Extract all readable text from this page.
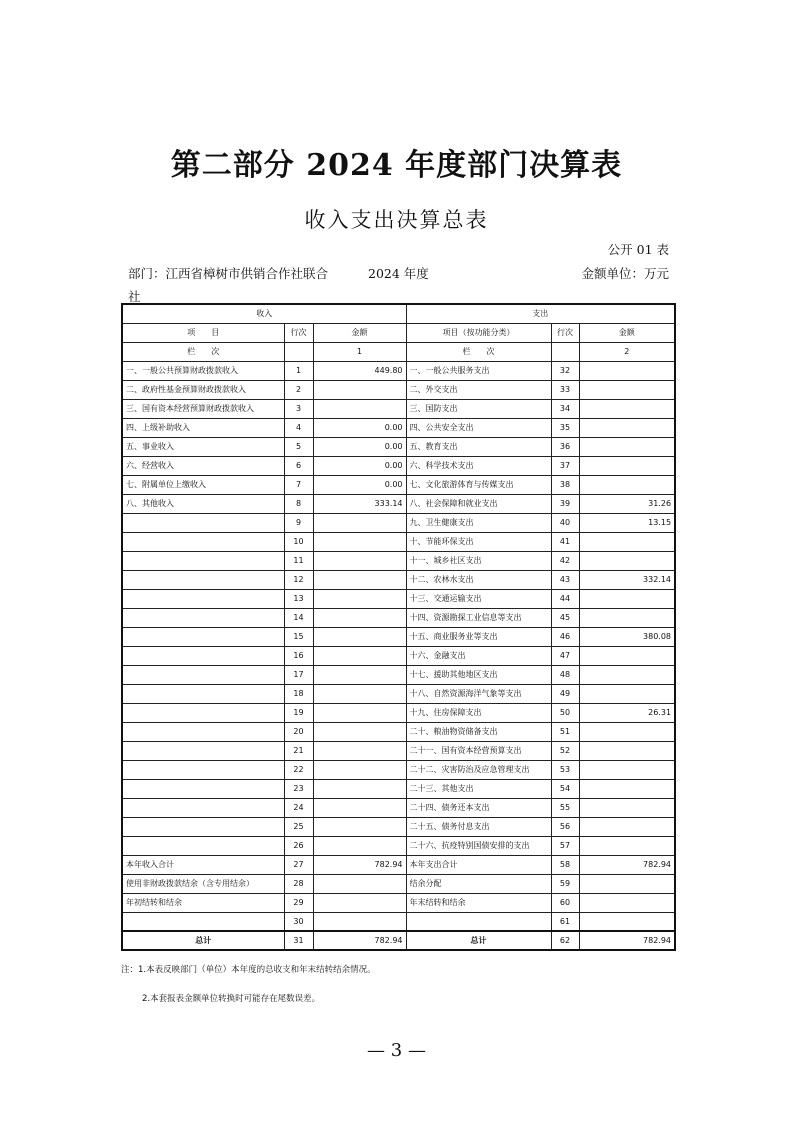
第二部分 2024 年度部门决算表
收入支出决算总表
公开 01 表
部门：江西省樟树市供销合作社联合社
2024 年度	金额单位：万元
收入			支出		
项　　目	行次	金额	项目（按功能分类）	行次	金额
栏　　次		1	栏　　次		2
一、一般公共预算财政拨款收入	1	449.80	一、一般公共服务支出	32	
二、政府性基金预算财政拨款收入	2		二、外交支出	33	
三、国有资本经营预算财政拨款收入	3		三、国防支出	34	
四、上级补助收入	4	0.00	四、公共安全支出	35	
五、事业收入	5	0.00	五、教育支出	36	
六、经营收入	6	0.00	六、科学技术支出	37	
七、附属单位上缴收入	7	0.00	七、文化旅游体育与传媒支出	38	
八、其他收入	8	333.14	八、社会保障和就业支出	39	31.26
	9		九、卫生健康支出	40	13.15
	10		十、节能环保支出	41	
	11		十一、城乡社区支出	42	
	12		十二、农林水支出	43	332.14
	13		十三、交通运输支出	44	
	14		十四、资源勘探工业信息等支出	45	
	15		十五、商业服务业等支出	46	380.08
	16		十六、金融支出	47	
	17		十七、援助其他地区支出	48	
	18		十八、自然资源海洋气象等支出	49	
	19		十九、住房保障支出	50	26.31
	20		二十、粮油物资储备支出	51	
	21		二十一、国有资本经营预算支出	52	
	22		二十二、灾害防治及应急管理支出	53	
	23		二十三、其他支出	54	
	24		二十四、债务还本支出	55	
	25		二十五、债务付息支出	56	
	26		二十六、抗疫特别国债安排的支出	57	
本年收入合计	27	782.94	本年支出合计	58	782.94
使用非财政拨款结余（含专用结余）	28		结余分配	59	
年初结转和结余	29		年末结转和结余	60	
	30			61	
总计	31	782.94	总计	62	782.94
注：1.本表反映部门（单位）本年度的总收支和年末结转结余情况。
2.本套报表金额单位转换时可能存在尾数误差。
— 3 —
